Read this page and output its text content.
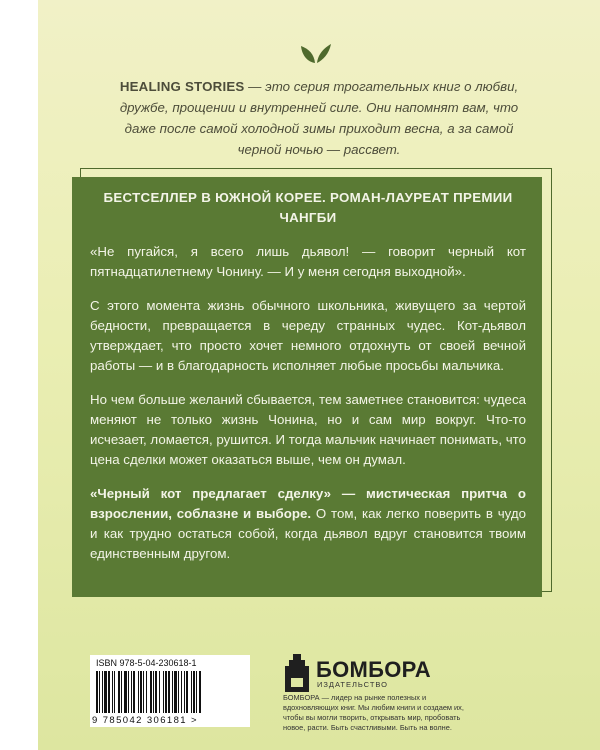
HEALING STORIES — это серия трогательных книг о любви, дружбе, прощении и внутренней силе. Они напомнят вам, что даже после самой холодной зимы приходит весна, а за самой черной ночью — рассвет.
БЕСТСЕЛЛЕР В ЮЖНОЙ КОРЕЕ. РОМАН-ЛАУРЕАТ ПРЕМИИ ЧАНГБИ

«Не пугайся, я всего лишь дьявол! — говорит черный кот пятнадцатилетнему Чонину. — И у меня сегодня выходной».

С этого момента жизнь обычного школьника, живущего за чертой бедности, превращается в череду странных чудес. Кот-дьявол утверждает, что просто хочет немного отдохнуть от своей вечной работы — и в благодарность исполняет любые просьбы мальчика.

Но чем больше желаний сбывается, тем заметнее становится: чудеса меняют не только жизнь Чонина, но и сам мир вокруг. Что-то исчезает, ломается, рушится. И тогда мальчик начинает понимать, что цена сделки может оказаться выше, чем он думал.

«Черный кот предлагает сделку» — мистическая притча о взрослении, соблазне и выборе. О том, как легко поверить в чудо и как трудно остаться собой, когда дьявол вдруг становится твоим единственным другом.

ISBN 978-5-04-230618-1
9 785042 306181 >
БОМБОРА
ИЗДАТЕЛЬСТВО
БОМБОРА — лидер на рынке полезных и вдохновляющих книг. Мы любим книги и создаем их, чтобы вы могли творить, открывать мир, пробовать новое, расти. Быть счастливыми. Быть на волне.
